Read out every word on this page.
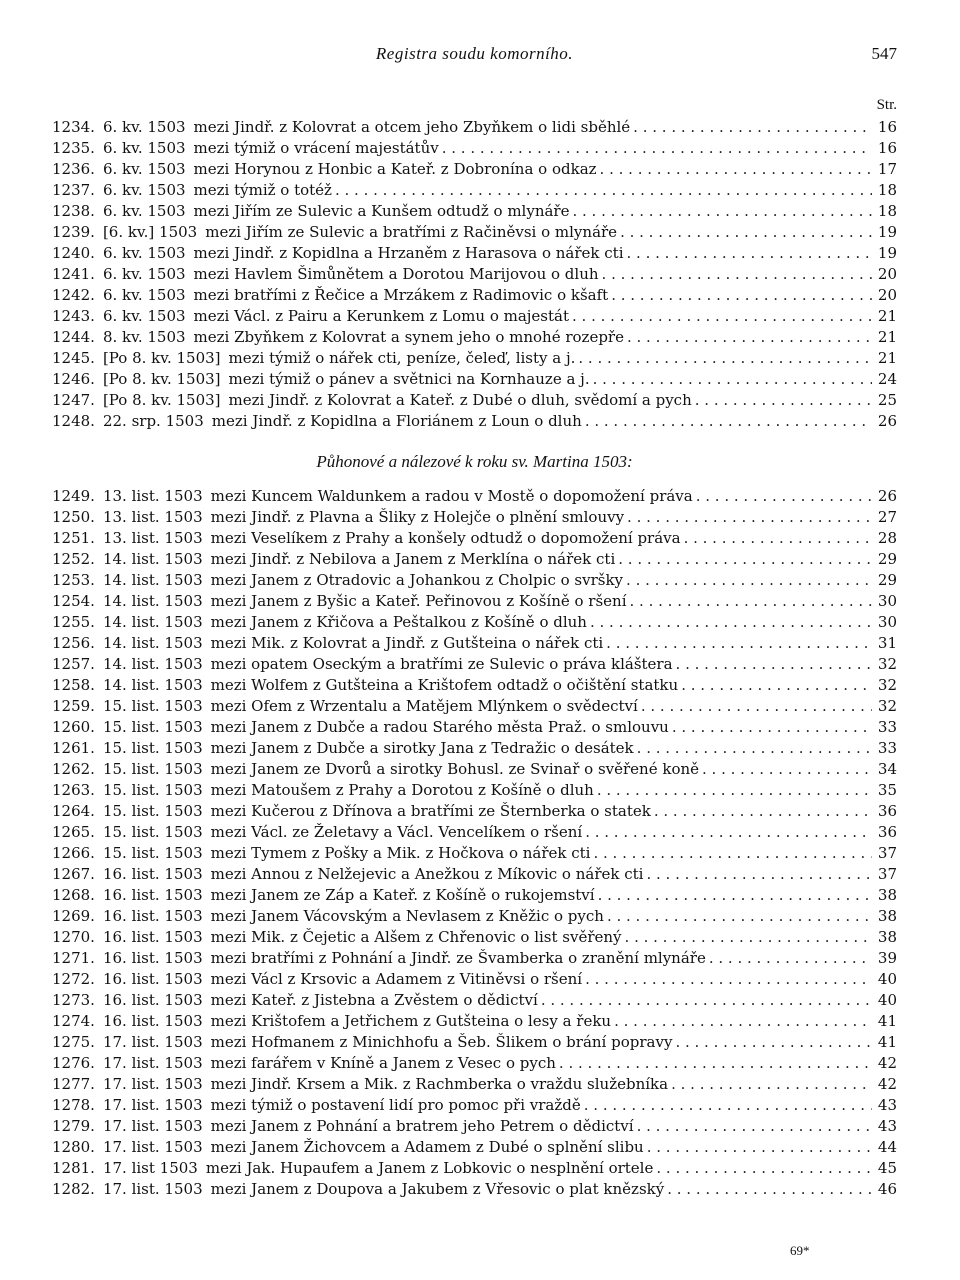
Registra soudu komorního.	547
Str.
1234. 6. kv. 1503 mezi Jindř. z Kolovrat a otcem jeho Zbyňkem o lidi sběhlé . . .	16
1235. 6. kv. 1503 mezi týmiž o vrácení majestátův . . .	16
1236. 6. kv. 1503 mezi Horynou z Honbic a Kateř. z Dobronína o odkaz . . .	17
1237. 6. kv. 1503 mezi týmiž o totéž . . .	18
1238. 6. kv. 1503 mezi Jiřím ze Sulevic a Kunšem odtudž o mlynáře . . .	18
1239. [6. kv.] 1503 mezi Jiřím ze Sulevic a bratřími z Račiněvsi o mlynáře . . .	19
1240. 6. kv. 1503 mezi Jindř. z Kopidlna a Hrzaněm z Harasova o nářek cti . . .	19
1241. 6. kv. 1503 mezi Havlem Šimůnětem a Dorotou Marijovou o dluh . . .	20
1242. 6. kv. 1503 mezi bratřími z Řečice a Mrzákem z Radimovic o kšaft . . .	20
1243. 6. kv. 1503 mezi Václ. z Pairu a Kerunkem z Lomu o majestát . . .	21
1244. 8. kv. 1503 mezi Zbyňkem z Kolovrat a synem jeho o mnohé rozepře . . .	21
1245. [Po 8. kv. 1503] mezi týmiž o nářek cti, peníze, čeleď, listy a j. . . .	21
1246. [Po 8. kv. 1503] mezi týmiž o pánev a světnici na Kornhauze a j. . . .	24
1247. [Po 8. kv. 1503] mezi Jindř. z Kolovrat a Kateř. z Dubé o dluh, svědomí a pych . . .	25
1248. 22. srp. 1503 mezi Jindř. z Kopidlna a Floriánem z Loun o dluh . . .	26
Půhonové a nálezové k roku sv. Martina 1503:
1249. 13. list. 1503 mezi Kuncem Waldunkem a radou v Mostě o dopomožení práva . . .	26
1250. 13. list. 1503 mezi Jindř. z Plavna a Šliky z Holejče o plnění smlouvy . . .	27
1251. 13. list. 1503 mezi Veselíkem z Prahy a konšely odtudž o dopomožení práva . . .	28
1252. 14. list. 1503 mezi Jindř. z Nebilova a Janem z Merklína o nářek cti . . .	29
1253. 14. list. 1503 mezi Janem z Otradovic a Johankou z Cholpic o svršky . . .	29
1254. 14. list. 1503 mezi Janem z Byšic a Kateř. Peřinovou z Košíně o ršení . . .	30
1255. 14. list. 1503 mezi Janem z Křičova a Peštalkou z Košíně o dluh . . .	30
1256. 14. list. 1503 mezi Mik. z Kolovrat a Jindř. z Gutšteina o nářek cti . . .	31
1257. 14. list. 1503 mezi opatem Oseckým a bratřími ze Sulevic o práva kláštera . . .	32
1258. 14. list. 1503 mezi Wolfem z Gutšteina a Krištofem odtadž o očištění statku . . .	32
1259. 15. list. 1503 mezi Ofem z Wrzentalu a Matějem Mlýnkem o svědectví . . .	32
1260. 15. list. 1503 mezi Janem z Dubče a radou Starého města Praž. o smlouvu . . .	33
1261. 15. list. 1503 mezi Janem z Dubče a sirotky Jana z Tedražic o desátek . . .	33
1262. 15. list. 1503 mezi Janem ze Dvorů a sirotky Bohusl. ze Svinař o svěřené koně . . .	34
1263. 15. list. 1503 mezi Matoušem z Prahy a Dorotou z Košíně o dluh . . .	35
1264. 15. list. 1503 mezi Kučerou z Dřínova a bratřími ze Šternberka o statek . . .	36
1265. 15. list. 1503 mezi Václ. ze Želetavy a Václ. Vencelíkem o ršení . . .	36
1266. 15. list. 1503 mezi Tymem z Pošky a Mik. z Hočkova o nářek cti . . .	37
1267. 16. list. 1503 mezi Annou z Nelžejevic a Anežkou z Míkovic o nářek cti . . .	37
1268. 16. list. 1503 mezi Janem ze Záp a Kateř. z Košíně o rukojemství . . .	38
1269. 16. list. 1503 mezi Janem Vácovským a Nevlasem z Kněžic o pych . . .	38
1270. 16. list. 1503 mezi Mik. z Čejetic a Alšem z Chřenovic o list svěřený . . .	38
1271. 16. list. 1503 mezi bratřími z Pohnání a Jindř. ze Švamberka o zranění mlynáře . . .	39
1272. 16. list. 1503 mezi Václ z Krsovic a Adamem z Vitiněvsi o ršení . . .	40
1273. 16. list. 1503 mezi Kateř. z Jistebna a Zvěstem o dědictví . . .	40
1274. 16. list. 1503 mezi Krištofem a Jetřichem z Gutšteina o lesy a řeku . . .	41
1275. 17. list. 1503 mezi Hofmanem z Minichhofu a Šeb. Šlikem o brání popravy . . .	41
1276. 17. list. 1503 mezi farářem v Kníně a Janem z Vesec o pych . . .	42
1277. 17. list. 1503 mezi Jindř. Krsem a Mik. z Rachmberka o vraždu služebníka . . .	42
1278. 17. list. 1503 mezi týmiž o postavení lidí pro pomoc při vraždě . . .	43
1279. 17. list. 1503 mezi Janem z Pohnání a bratrem jeho Petrem o dědictví . . .	43
1280. 17. list. 1503 mezi Janem Žichovcem a Adamem z Dubé o splnění slibu . . .	44
1281. 17. list 1503 mezi Jak. Hupaufem a Janem z Lobkovic o nesplnění ortele . . .	45
1282. 17. list. 1503 mezi Janem z Doupova a Jakubem z Vřesovic o plat knězský . . .	46
69*
